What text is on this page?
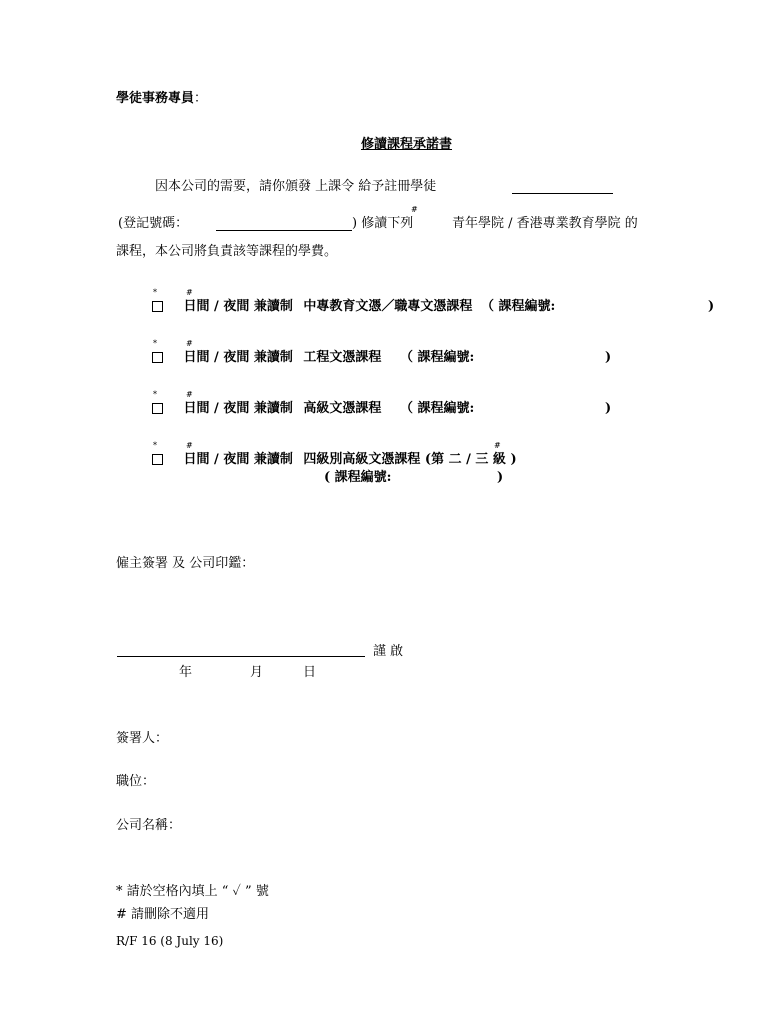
學徒事務專員：
修讀課程承諾書
因本公司的需要，請你頒發 上課令 給予註冊學徒
#
(登記號碼：	) 修讀下列	青年學院 / 香港專業教育學院 的
課程，本公司將負責該等課程的學費。
*	#
日間 / 夜間 兼讀制 中專教育文憑／職專文憑課程 （ 課程編號:	)
*	#
日間 / 夜間 兼讀制 工程文憑課程 （ 課程編號:	)
*	#
日間 / 夜間 兼讀制 高級文憑課程 （ 課程編號:	)
*	#	#
日間 / 夜間 兼讀制 四級別高級文憑課程 (第 二 / 三 級 )
( 課程編號:	)
僱主簽署 及 公司印鑑：
謹 啟
年	月	日
簽署人：
職位：
公司名稱：
* 請於空格內填上 “ ✓ ” 號
# 請刪除不適用
R/F 16 (8 July 16)
